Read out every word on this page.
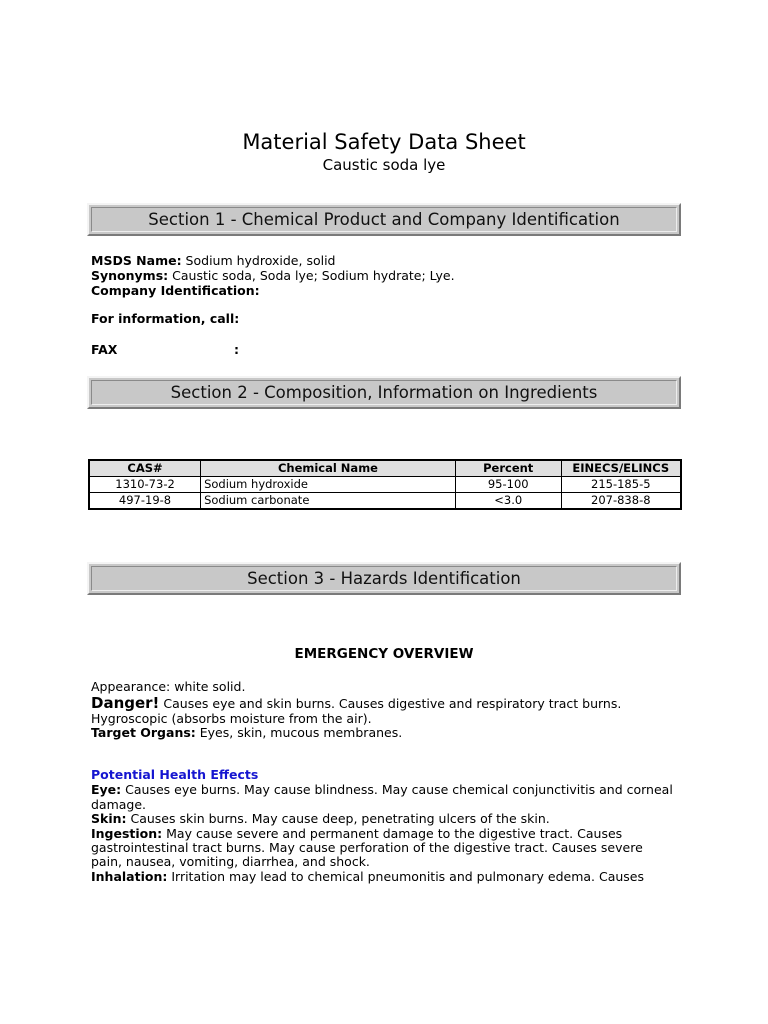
Material Safety Data Sheet
Caustic soda lye
Section 1 - Chemical Product and Company Identification
MSDS Name: Sodium hydroxide, solid
Synonyms: Caustic soda, Soda lye; Sodium hydrate; Lye.
Company Identification:
For information, call:
FAX	:
Section 2 - Composition, Information on Ingredients
CAS#	Chemical Name	Percent	EINECS/ELINCS
1310-73-2	Sodium hydroxide	95-100	215-185-5
497-19-8	Sodium carbonate	<3.0	207-838-8
Section 3 - Hazards Identification
EMERGENCY OVERVIEW
Appearance: white solid.
Danger! Causes eye and skin burns. Causes digestive and respiratory tract burns.
Hygroscopic (absorbs moisture from the air).
Target Organs: Eyes, skin, mucous membranes.
Potential Health Effects
Eye: Causes eye burns. May cause blindness. May cause chemical conjunctivitis and corneal
damage.
Skin: Causes skin burns. May cause deep, penetrating ulcers of the skin.
Ingestion: May cause severe and permanent damage to the digestive tract. Causes
gastrointestinal tract burns. May cause perforation of the digestive tract. Causes severe
pain, nausea, vomiting, diarrhea, and shock.
Inhalation: Irritation may lead to chemical pneumonitis and pulmonary edema. Causes
